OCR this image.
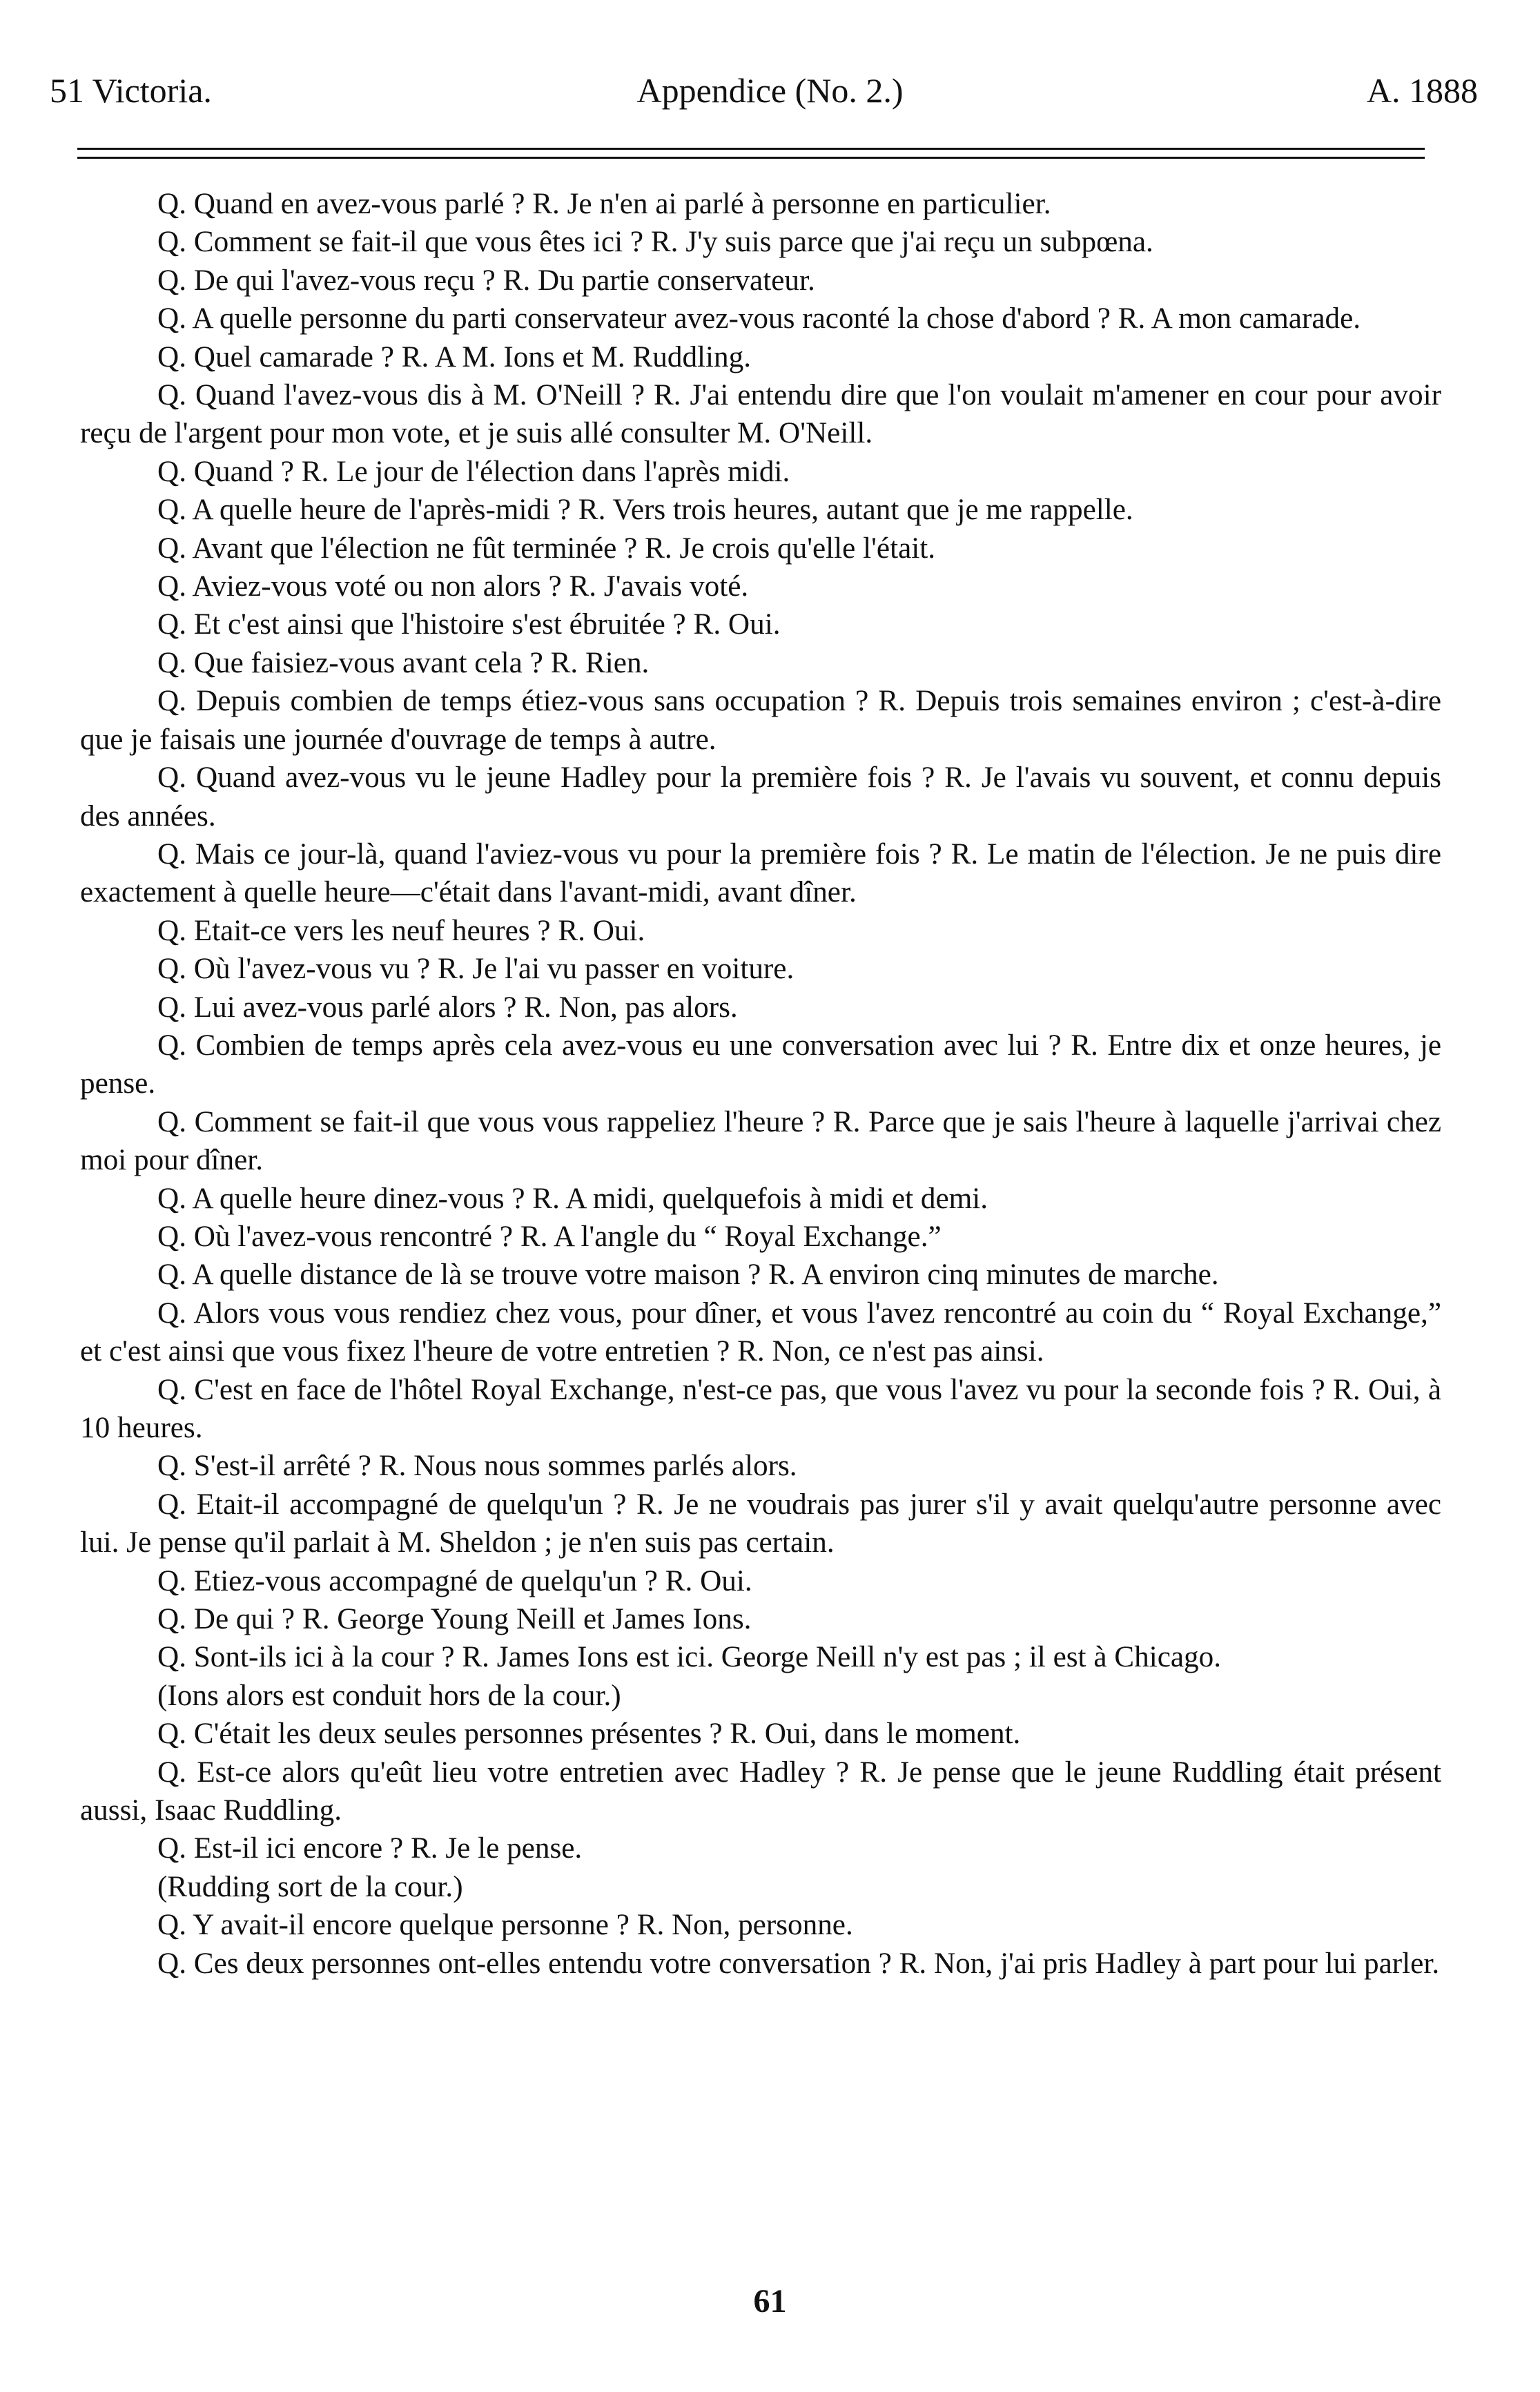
51 Victoria.	Appendice (No. 2.)	A. 1888

Q. Quand en avez-vous parlé ? R. Je n'en ai parlé à personne en particulier.

Q. Comment se fait-il que vous êtes ici ? R. J'y suis parce que j'ai reçu un subpœna.

Q. De qui l'avez-vous reçu ? R. Du partie conservateur.

Q. A quelle personne du parti conservateur avez-vous raconté la chose d'abord ? R. A mon camarade.

Q. Quel camarade ? R. A M. Ions et M. Ruddling.

Q. Quand l'avez-vous dis à M. O'Neill ? R. J'ai entendu dire que l'on voulait m'amener en cour pour avoir reçu de l'argent pour mon vote, et je suis allé consulter M. O'Neill.

Q. Quand ? R. Le jour de l'élection dans l'après midi.

Q. A quelle heure de l'après-midi ? R. Vers trois heures, autant que je me rappelle.

Q. Avant que l'élection ne fût terminée ? R. Je crois qu'elle l'était.

Q. Aviez-vous voté ou non alors ? R. J'avais voté.

Q. Et c'est ainsi que l'histoire s'est ébruitée ? R. Oui.

Q. Que faisiez-vous avant cela ? R. Rien.

Q. Depuis combien de temps étiez-vous sans occupation ? R. Depuis trois semaines environ ; c'est-à-dire que je faisais une journée d'ouvrage de temps à autre.

Q. Quand avez-vous vu le jeune Hadley pour la première fois ? R. Je l'avais vu souvent, et connu depuis des années.

Q. Mais ce jour-là, quand l'aviez-vous vu pour la première fois ? R. Le matin de l'élection. Je ne puis dire exactement à quelle heure—c'était dans l'avant-midi, avant dîner.

Q. Etait-ce vers les neuf heures ? R. Oui.

Q. Où l'avez-vous vu ? R. Je l'ai vu passer en voiture.

Q. Lui avez-vous parlé alors ? R. Non, pas alors.

Q. Combien de temps après cela avez-vous eu une conversation avec lui ? R. Entre dix et onze heures, je pense.

Q. Comment se fait-il que vous vous rappeliez l'heure ? R. Parce que je sais l'heure à laquelle j'arrivai chez moi pour dîner.

Q. A quelle heure dinez-vous ? R. A midi, quelquefois à midi et demi.

Q. Où l'avez-vous rencontré ? R. A l'angle du “ Royal Exchange.”

Q. A quelle distance de là se trouve votre maison ? R. A environ cinq minutes de marche.

Q. Alors vous vous rendiez chez vous, pour dîner, et vous l'avez rencontré au coin du “ Royal Exchange,” et c'est ainsi que vous fixez l'heure de votre entretien ? R. Non, ce n'est pas ainsi.

Q. C'est en face de l'hôtel Royal Exchange, n'est-ce pas, que vous l'avez vu pour la seconde fois ? R. Oui, à 10 heures.

Q. S'est-il arrêté ? R. Nous nous sommes parlés alors.

Q. Etait-il accompagné de quelqu'un ? R. Je ne voudrais pas jurer s'il y avait quelqu'autre personne avec lui. Je pense qu'il parlait à M. Sheldon ; je n'en suis pas certain.

Q. Etiez-vous accompagné de quelqu'un ? R. Oui.

Q. De qui ? R. George Young Neill et James Ions.

Q. Sont-ils ici à la cour ? R. James Ions est ici. George Neill n'y est pas ; il est à Chicago.

(Ions alors est conduit hors de la cour.)

Q. C'était les deux seules personnes présentes ? R. Oui, dans le moment.

Q. Est-ce alors qu'eût lieu votre entretien avec Hadley ? R. Je pense que le jeune Ruddling était présent aussi, Isaac Ruddling.

Q. Est-il ici encore ? R. Je le pense.

(Rudding sort de la cour.)

Q. Y avait-il encore quelque personne ? R. Non, personne.

Q. Ces deux personnes ont-elles entendu votre conversation ? R. Non, j'ai pris Hadley à part pour lui parler.

61
